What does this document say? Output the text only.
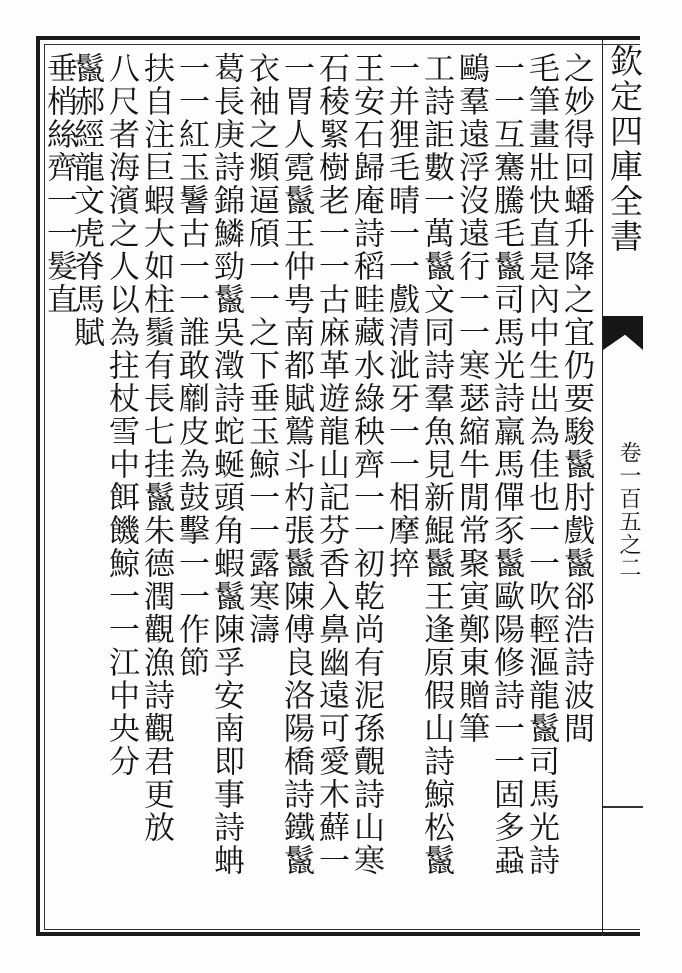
欽定四庫全書
卷一百五之二
之妙得回蟠升降之宜仍要駿鬣肘戲鬣郤浩詩波間
毛筆畫壯快直是內中生出為佳也一一吹輕漚龍鬣司馬光詩
一一互騫騰毛鬣司馬光詩羸馬僤豕鬣歐陽修詩一一固多蝨
鷗羣遠浮沒遠行一一寒瑟縮牛閒常聚寅鄭東贈筆
工詩詎數一萬鬣文同詩羣魚見新鯤鬣王逢原假山詩鯨松鬣
一并狸毛晴一一戲清泚牙一一相摩捽
王安石歸庵詩稻畦藏水綠秧齊一一初乾尚有泥孫覿詩山寒
石稜緊樹老一一古麻革遊龍山記芬香入鼻幽遠可愛木蘚一
一胃人霓鬣王仲甹南都賦鷲斗杓張鬣陳傅良洛陽橋詩鐵鬣
衣袖之頫逼頎一一之下垂玉鯨一一露寒濤
葛長庚詩錦鱗勁鬣吳澂詩蛇蜒頭角蝦鬣陳孚安南即事詩蚺
一一紅玉鬐古一一誰敢劘皮為鼓擊一一作節
扶自注巨蝦大如柱鬚有長七挂鬣朱德潤觀漁詩觀君更放
八尺者海濱之人以為拄杖雪中餌饑鯨一一江中央分
鬣郝經龍文虎脊馬賦
垂梢絲齊一一髮直
